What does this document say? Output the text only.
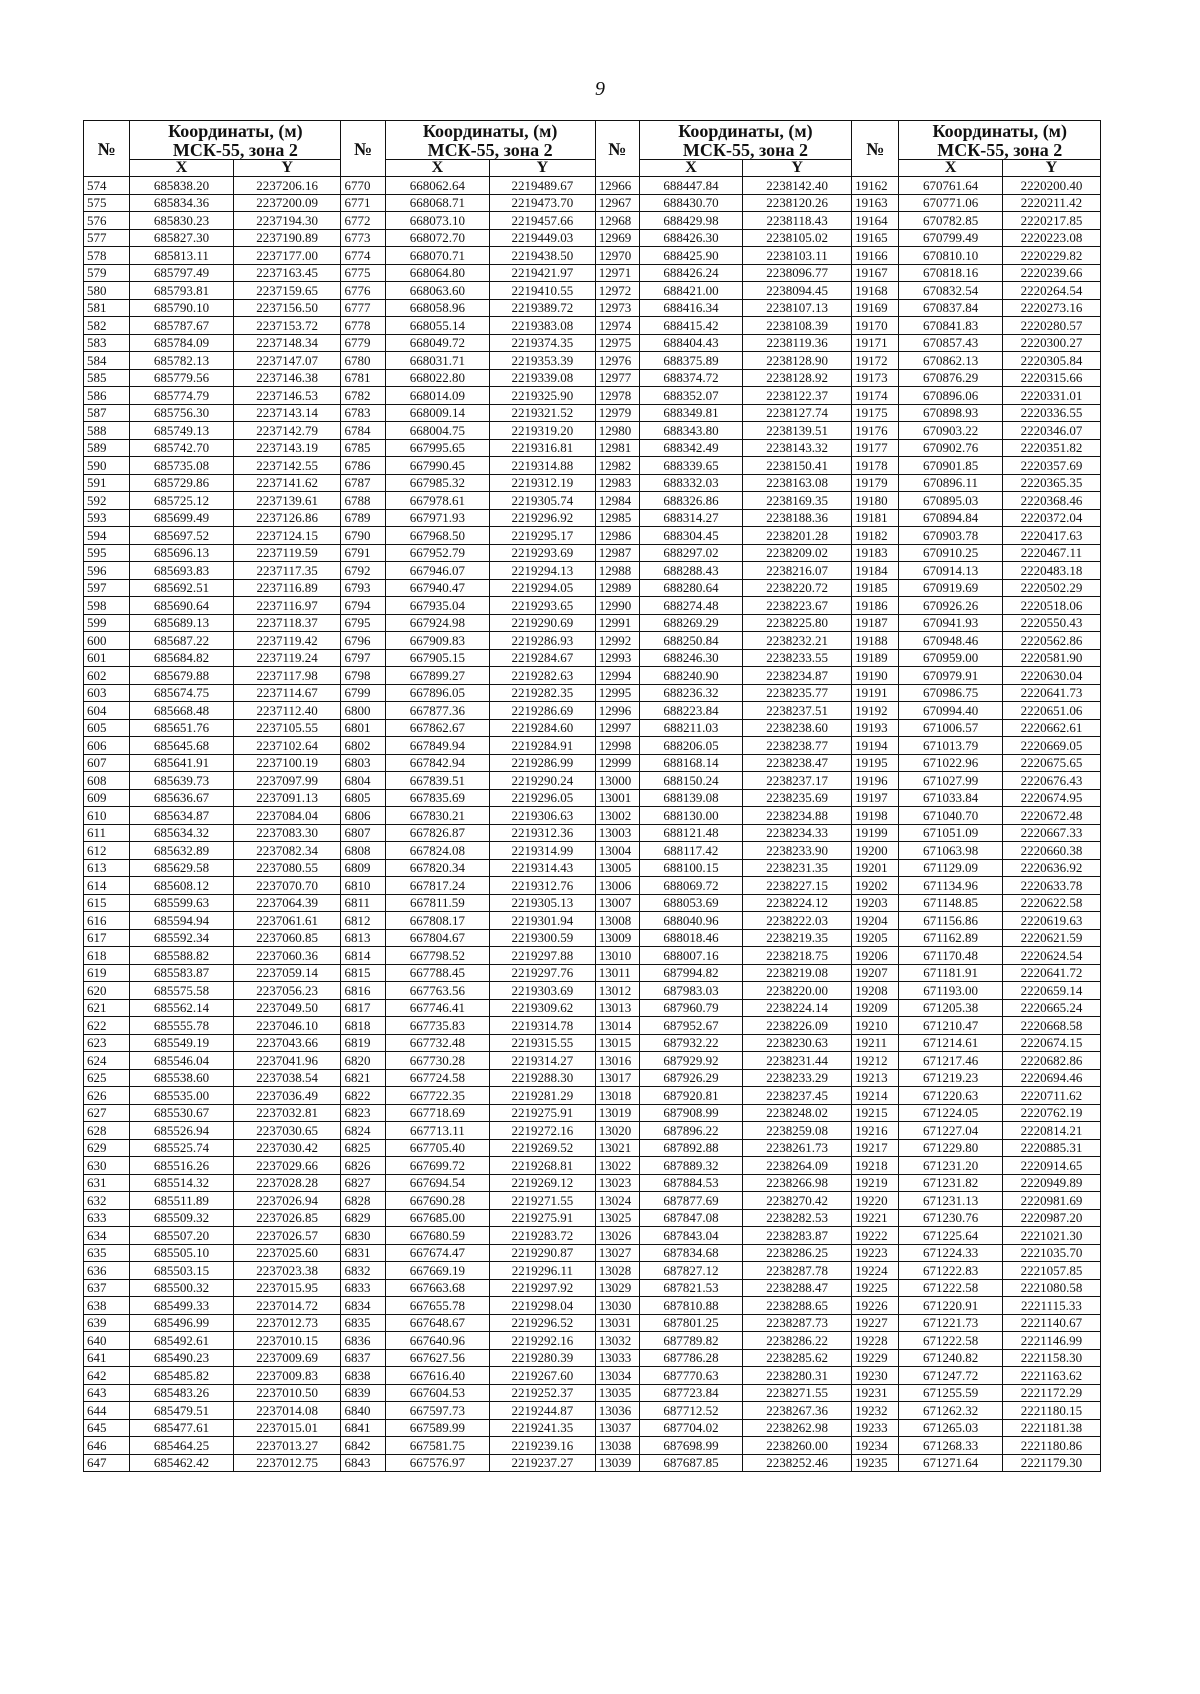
9
№	Координаты, (м)		№	Координаты, (м)		№	Координаты, (м)		№	Координаты, (м)	
	МСК-55, зона 2			МСК-55, зона 2			МСК-55, зона 2			МСК-55, зона 2	
	X	Y		X	Y		X	Y		X	Y
574	685838.20	2237206.16	6770	668062.64	2219489.67	12966	688447.84	2238142.40	19162	670761.64	2220200.40
575	685834.36	2237200.09	6771	668068.71	2219473.70	12967	688430.70	2238120.26	19163	670771.06	2220211.42
576	685830.23	2237194.30	6772	668073.10	2219457.66	12968	688429.98	2238118.43	19164	670782.85	2220217.85
577	685827.30	2237190.89	6773	668072.70	2219449.03	12969	688426.30	2238105.02	19165	670799.49	2220223.08
578	685813.11	2237177.00	6774	668070.71	2219438.50	12970	688425.90	2238103.11	19166	670810.10	2220229.82
579	685797.49	2237163.45	6775	668064.80	2219421.97	12971	688426.24	2238096.77	19167	670818.16	2220239.66
580	685793.81	2237159.65	6776	668063.60	2219410.55	12972	688421.00	2238094.45	19168	670832.54	2220264.54
581	685790.10	2237156.50	6777	668058.96	2219389.72	12973	688416.34	2238107.13	19169	670837.84	2220273.16
582	685787.67	2237153.72	6778	668055.14	2219383.08	12974	688415.42	2238108.39	19170	670841.83	2220280.57
583	685784.09	2237148.34	6779	668049.72	2219374.35	12975	688404.43	2238119.36	19171	670857.43	2220300.27
584	685782.13	2237147.07	6780	668031.71	2219353.39	12976	688375.89	2238128.90	19172	670862.13	2220305.84
585	685779.56	2237146.38	6781	668022.80	2219339.08	12977	688374.72	2238128.92	19173	670876.29	2220315.66
586	685774.79	2237146.53	6782	668014.09	2219325.90	12978	688352.07	2238122.37	19174	670896.06	2220331.01
587	685756.30	2237143.14	6783	668009.14	2219321.52	12979	688349.81	2238127.74	19175	670898.93	2220336.55
588	685749.13	2237142.79	6784	668004.75	2219319.20	12980	688343.80	2238139.51	19176	670903.22	2220346.07
589	685742.70	2237143.19	6785	667995.65	2219316.81	12981	688342.49	2238143.32	19177	670902.76	2220351.82
590	685735.08	2237142.55	6786	667990.45	2219314.88	12982	688339.65	2238150.41	19178	670901.85	2220357.69
591	685729.86	2237141.62	6787	667985.32	2219312.19	12983	688332.03	2238163.08	19179	670896.11	2220365.35
592	685725.12	2237139.61	6788	667978.61	2219305.74	12984	688326.86	2238169.35	19180	670895.03	2220368.46
593	685699.49	2237126.86	6789	667971.93	2219296.92	12985	688314.27	2238188.36	19181	670894.84	2220372.04
594	685697.52	2237124.15	6790	667968.50	2219295.17	12986	688304.45	2238201.28	19182	670903.78	2220417.63
595	685696.13	2237119.59	6791	667952.79	2219293.69	12987	688297.02	2238209.02	19183	670910.25	2220467.11
596	685693.83	2237117.35	6792	667946.07	2219294.13	12988	688288.43	2238216.07	19184	670914.13	2220483.18
597	685692.51	2237116.89	6793	667940.47	2219294.05	12989	688280.64	2238220.72	19185	670919.69	2220502.29
598	685690.64	2237116.97	6794	667935.04	2219293.65	12990	688274.48	2238223.67	19186	670926.26	2220518.06
599	685689.13	2237118.37	6795	667924.98	2219290.69	12991	688269.29	2238225.80	19187	670941.93	2220550.43
600	685687.22	2237119.42	6796	667909.83	2219286.93	12992	688250.84	2238232.21	19188	670948.46	2220562.86
601	685684.82	2237119.24	6797	667905.15	2219284.67	12993	688246.30	2238233.55	19189	670959.00	2220581.90
602	685679.88	2237117.98	6798	667899.27	2219282.63	12994	688240.90	2238234.87	19190	670979.91	2220630.04
603	685674.75	2237114.67	6799	667896.05	2219282.35	12995	688236.32	2238235.77	19191	670986.75	2220641.73
604	685668.48	2237112.40	6800	667877.36	2219286.69	12996	688223.84	2238237.51	19192	670994.40	2220651.06
605	685651.76	2237105.55	6801	667862.67	2219284.60	12997	688211.03	2238238.60	19193	671006.57	2220662.61
606	685645.68	2237102.64	6802	667849.94	2219284.91	12998	688206.05	2238238.77	19194	671013.79	2220669.05
607	685641.91	2237100.19	6803	667842.94	2219286.99	12999	688168.14	2238238.47	19195	671022.96	2220675.65
608	685639.73	2237097.99	6804	667839.51	2219290.24	13000	688150.24	2238237.17	19196	671027.99	2220676.43
609	685636.67	2237091.13	6805	667835.69	2219296.05	13001	688139.08	2238235.69	19197	671033.84	2220674.95
610	685634.87	2237084.04	6806	667830.21	2219306.63	13002	688130.00	2238234.88	19198	671040.70	2220672.48
611	685634.32	2237083.30	6807	667826.87	2219312.36	13003	688121.48	2238234.33	19199	671051.09	2220667.33
612	685632.89	2237082.34	6808	667824.08	2219314.99	13004	688117.42	2238233.90	19200	671063.98	2220660.38
613	685629.58	2237080.55	6809	667820.34	2219314.43	13005	688100.15	2238231.35	19201	671129.09	2220636.92
614	685608.12	2237070.70	6810	667817.24	2219312.76	13006	688069.72	2238227.15	19202	671134.96	2220633.78
615	685599.63	2237064.39	6811	667811.59	2219305.13	13007	688053.69	2238224.12	19203	671148.85	2220622.58
616	685594.94	2237061.61	6812	667808.17	2219301.94	13008	688040.96	2238222.03	19204	671156.86	2220619.63
617	685592.34	2237060.85	6813	667804.67	2219300.59	13009	688018.46	2238219.35	19205	671162.89	2220621.59
618	685588.82	2237060.36	6814	667798.52	2219297.88	13010	688007.16	2238218.75	19206	671170.48	2220624.54
619	685583.87	2237059.14	6815	667788.45	2219297.76	13011	687994.82	2238219.08	19207	671181.91	2220641.72
620	685575.58	2237056.23	6816	667763.56	2219303.69	13012	687983.03	2238220.00	19208	671193.00	2220659.14
621	685562.14	2237049.50	6817	667746.41	2219309.62	13013	687960.79	2238224.14	19209	671205.38	2220665.24
622	685555.78	2237046.10	6818	667735.83	2219314.78	13014	687952.67	2238226.09	19210	671210.47	2220668.58
623	685549.19	2237043.66	6819	667732.48	2219315.55	13015	687932.22	2238230.63	19211	671214.61	2220674.15
624	685546.04	2237041.96	6820	667730.28	2219314.27	13016	687929.92	2238231.44	19212	671217.46	2220682.86
625	685538.60	2237038.54	6821	667724.58	2219288.30	13017	687926.29	2238233.29	19213	671219.23	2220694.46
626	685535.00	2237036.49	6822	667722.35	2219281.29	13018	687920.81	2238237.45	19214	671220.63	2220711.62
627	685530.67	2237032.81	6823	667718.69	2219275.91	13019	687908.99	2238248.02	19215	671224.05	2220762.19
628	685526.94	2237030.65	6824	667713.11	2219272.16	13020	687896.22	2238259.08	19216	671227.04	2220814.21
629	685525.74	2237030.42	6825	667705.40	2219269.52	13021	687892.88	2238261.73	19217	671229.80	2220885.31
630	685516.26	2237029.66	6826	667699.72	2219268.81	13022	687889.32	2238264.09	19218	671231.20	2220914.65
631	685514.32	2237028.28	6827	667694.54	2219269.12	13023	687884.53	2238266.98	19219	671231.82	2220949.89
632	685511.89	2237026.94	6828	667690.28	2219271.55	13024	687877.69	2238270.42	19220	671231.13	2220981.69
633	685509.32	2237026.85	6829	667685.00	2219275.91	13025	687847.08	2238282.53	19221	671230.76	2220987.20
634	685507.20	2237026.57	6830	667680.59	2219283.72	13026	687843.04	2238283.87	19222	671225.64	2221021.30
635	685505.10	2237025.60	6831	667674.47	2219290.87	13027	687834.68	2238286.25	19223	671224.33	2221035.70
636	685503.15	2237023.38	6832	667669.19	2219296.11	13028	687827.12	2238287.78	19224	671222.83	2221057.85
637	685500.32	2237015.95	6833	667663.68	2219297.92	13029	687821.53	2238288.47	19225	671222.58	2221080.58
638	685499.33	2237014.72	6834	667655.78	2219298.04	13030	687810.88	2238288.65	19226	671220.91	2221115.33
639	685496.99	2237012.73	6835	667648.67	2219296.52	13031	687801.25	2238287.73	19227	671221.73	2221140.67
640	685492.61	2237010.15	6836	667640.96	2219292.16	13032	687789.82	2238286.22	19228	671222.58	2221146.99
641	685490.23	2237009.69	6837	667627.56	2219280.39	13033	687786.28	2238285.62	19229	671240.82	2221158.30
642	685485.82	2237009.83	6838	667616.40	2219267.60	13034	687770.63	2238280.31	19230	671247.72	2221163.62
643	685483.26	2237010.50	6839	667604.53	2219252.37	13035	687723.84	2238271.55	19231	671255.59	2221172.29
644	685479.51	2237014.08	6840	667597.73	2219244.87	13036	687712.52	2238267.36	19232	671262.32	2221180.15
645	685477.61	2237015.01	6841	667589.99	2219241.35	13037	687704.02	2238262.98	19233	671265.03	2221181.38
646	685464.25	2237013.27	6842	667581.75	2219239.16	13038	687698.99	2238260.00	19234	671268.33	2221180.86
647	685462.42	2237012.75	6843	667576.97	2219237.27	13039	687687.85	2238252.46	19235	671271.64	2221179.30
